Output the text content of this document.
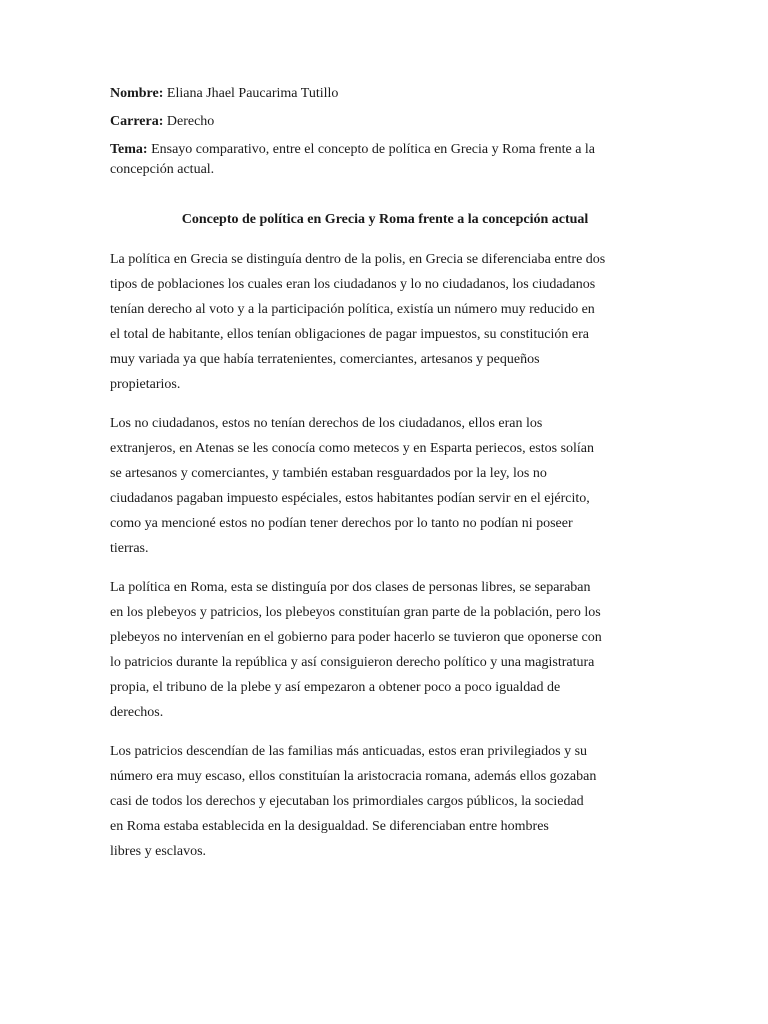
Nombre: Eliana Jhael Paucarima Tutillo

Carrera: Derecho

Tema: Ensayo comparativo, entre el concepto de política en Grecia y Roma frente a la
concepción actual.

Concepto de política en Grecia y Roma frente a la concepción actual
La política en Grecia se distinguía dentro de la polis, en Grecia se diferenciaba entre dos
tipos de poblaciones los cuales eran los ciudadanos y lo no ciudadanos, los ciudadanos
tenían derecho al voto y a la participación política, existía un número muy reducido en
el total de habitante, ellos tenían obligaciones de pagar impuestos, su constitución era
muy variada ya que había terratenientes, comerciantes, artesanos y pequeños
propietarios.
Los no ciudadanos, estos no tenían derechos de los ciudadanos, ellos eran los
extranjeros, en Atenas se les conocía como metecos y en Esparta periecos, estos solían
se artesanos y comerciantes, y también estaban resguardados por la ley, los no
ciudadanos pagaban impuesto espéciales, estos habitantes podían servir en el ejército,
como ya mencioné estos no podían tener derechos por lo tanto no podían ni poseer
tierras.
La política en Roma, esta se distinguía por dos clases de personas libres, se separaban
en los plebeyos y patricios, los plebeyos constituían gran parte de la población, pero los
plebeyos no intervenían en el gobierno para poder hacerlo se tuvieron que oponerse con
lo patricios durante la república y así consiguieron derecho político y una magistratura
propia, el tribuno de la plebe y así empezaron a obtener poco a poco igualdad de
derechos.
Los patricios descendían de las familias más anticuadas, estos eran privilegiados y su
número era muy escaso, ellos constituían la aristocracia romana, además ellos gozaban
casi de todos los derechos y ejecutaban los primordiales cargos públicos, la sociedad
en Roma estaba establecida en la desigualdad. Se diferenciaban entre hombres
libres y esclavos.
